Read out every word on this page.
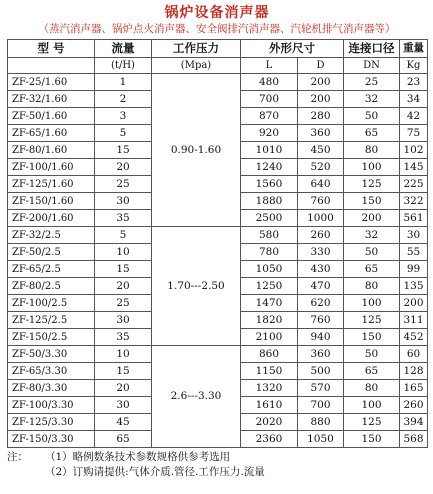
锅炉设备消声器
（蒸汽消声器、锅炉点火消声器、安全阀排汽消声器、汽轮机排气消声器等）
型 号	流量	工作压力	外形尺寸		连接口径	重量
	(t/H)	(Mpa)	L	D	DN	Kg
ZF-25/1.60	1	0.90-1.60	480	200	25	23
ZF-32/1.60	2		700	200	32	34
ZF-50/1.60	3		870	280	50	42
ZF-65/1.60	5		920	360	65	75
ZF-80/1.60	15		1010	450	80	102
ZF-100/1.60	20		1240	520	100	145
ZF-125/1.60	25		1560	640	125	225
ZF-150/1.60	30		1880	760	150	322
ZF-200/1.60	35		2500	1000	200	561
ZF-32/2.5	5	1.70---2.50	580	260	32	30
ZF-50/2.5	10		780	330	50	55
ZF-65/2.5	15		1050	430	65	99
ZF-80/2.5	20		1250	470	80	135
ZF-100/2.5	25		1470	620	100	200
ZF-125/2.5	30		1820	760	125	311
ZF-150/2.5	35		2100	940	150	452
ZF-50/3.30	10	2.6---3.30	860	360	50	60
ZF-65/3.30	15		1150	500	65	128
ZF-80/3.30	20		1320	570	80	165
ZF-100/3.30	30		1610	700	100	260
ZF-125/3.30	45		2020	880	125	394
ZF-150/3.30	65		2360	1050	150	568
注： （1）略例数条技术参数规格供参考选用
（2）订购请提供:气体介质.管径.工作压力.流量
